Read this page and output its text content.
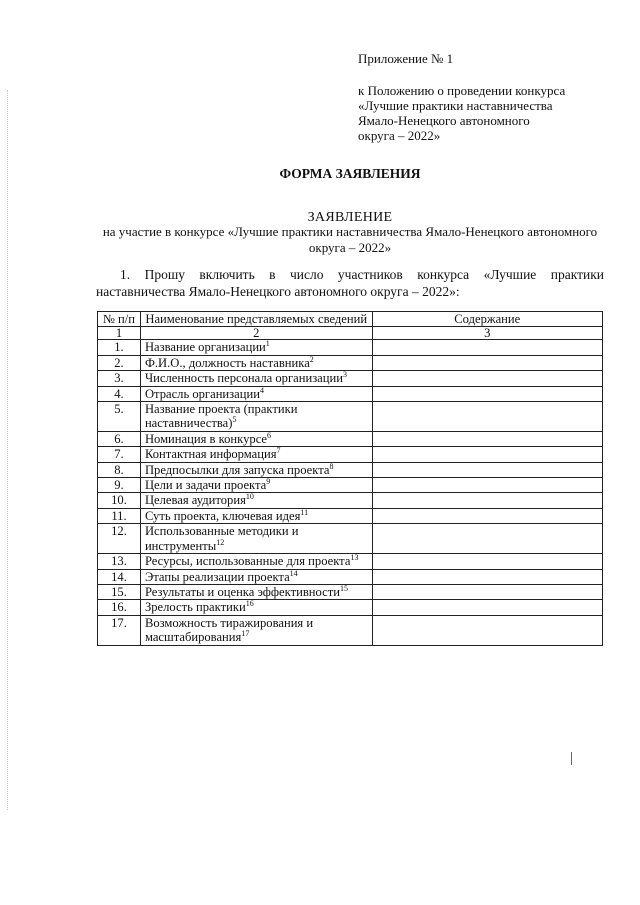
Приложение № 1
к Положению о проведении конкурса
«Лучшие практики наставничества
Ямало-Ненецкого автономного
округа – 2022»
ФОРМА ЗАЯВЛЕНИЯ
ЗАЯВЛЕНИЕ
на участие в конкурсе «Лучшие практики наставничества Ямало-Ненецкого автономного округа – 2022»
1. Прошу включить в число участников конкурса «Лучшие практики наставничества Ямало-Ненецкого автономного округа – 2022»:
№ п/п	Наименование представляемых сведений	Содержание
1	2	3
1.	Название организации$^1$	
2.	Ф.И.О., должность наставника$^2$	
3.	Численность персонала организации$^3$	
4.	Отрасль организации$^4$	
5.	Название проекта (практики наставничества)$^5$	
6.	Номинация в конкурсе$^6$	
7.	Контактная информация$^7$	
8.	Предпосылки для запуска проекта$^8$	
9.	Цели и задачи проекта$^9$	
10.	Целевая аудитория$^{10}$	
11.	Суть проекта, ключевая идея$^{11}$	
12.	Использованные методики и инструменты$^{12}$	
13.	Ресурсы, использованные для проекта$^{13}$	
14.	Этапы реализации проекта$^{14}$	
15.	Результаты и оценка эффективности$^{15}$	
16.	Зрелость практики$^{16}$	
17.	Возможность тиражирования и масштабирования$^{17}$	
